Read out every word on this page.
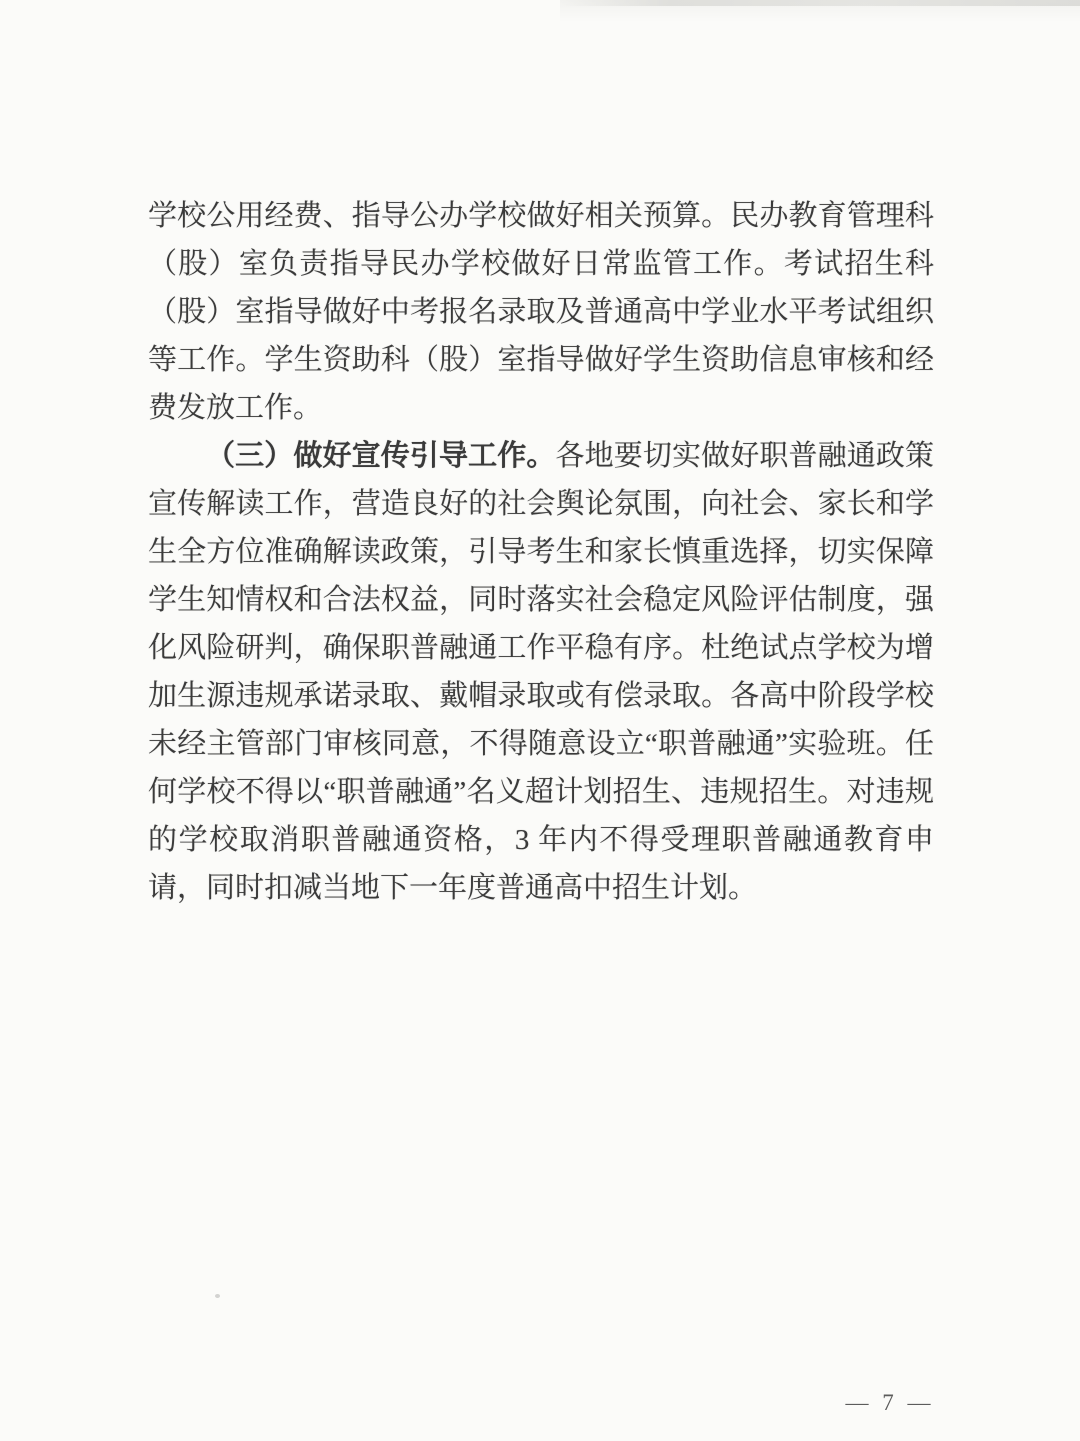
学校公用经费、指导公办学校做好相关预算。民办教育管理科（股）室负责指导民办学校做好日常监管工作。考试招生科（股）室指导做好中考报名录取及普通高中学业水平考试组织等工作。学生资助科（股）室指导做好学生资助信息审核和经费发放工作。

（三）做好宣传引导工作。各地要切实做好职普融通政策宣传解读工作，营造良好的社会舆论氛围，向社会、家长和学生全方位准确解读政策，引导考生和家长慎重选择，切实保障学生知情权和合法权益，同时落实社会稳定风险评估制度，强化风险研判，确保职普融通工作平稳有序。杜绝试点学校为增加生源违规承诺录取、戴帽录取或有偿录取。各高中阶段学校未经主管部门审核同意，不得随意设立“职普融通”实验班。任何学校不得以“职普融通”名义超计划招生、违规招生。对违规的学校取消职普融通资格，3 年内不得受理职普融通教育申请，同时扣减当地下一年度普通高中招生计划。

— 7 —
